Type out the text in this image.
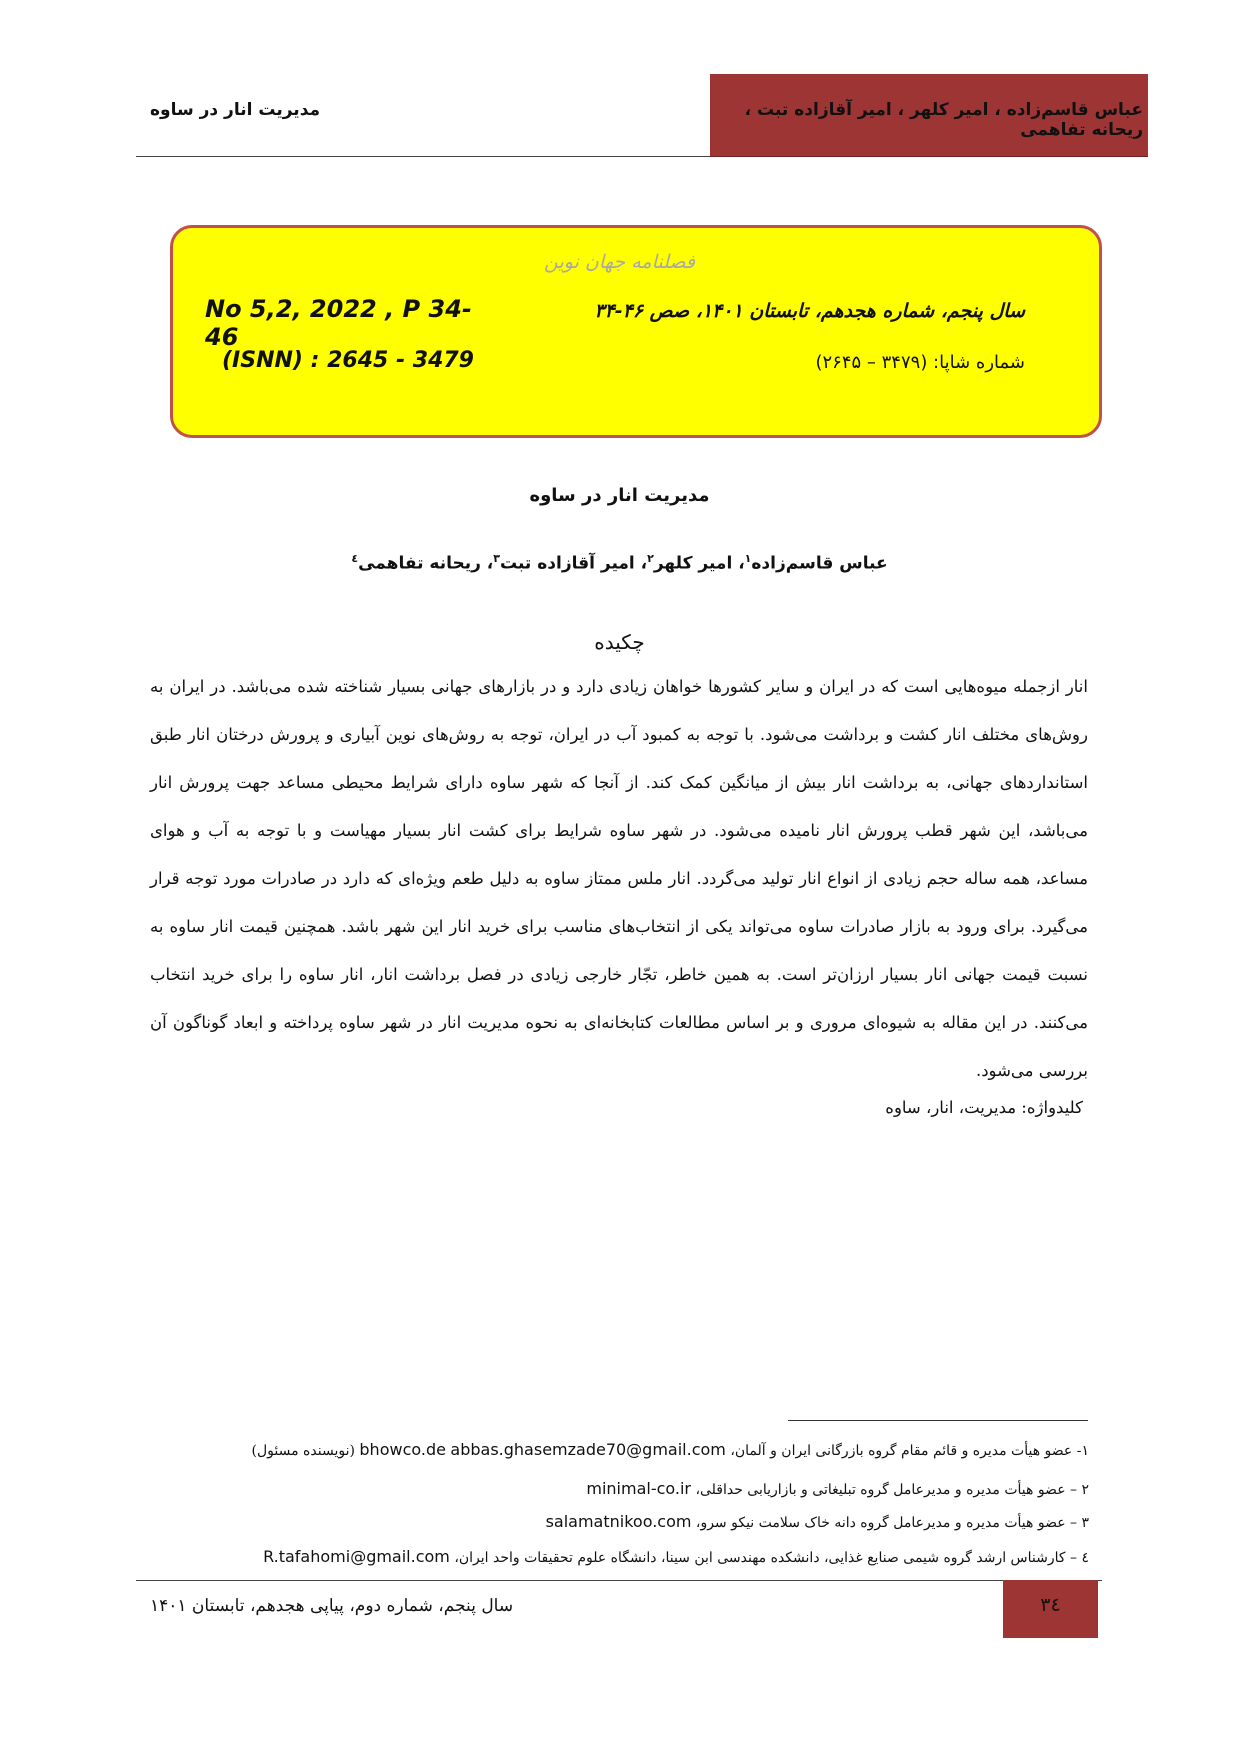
عباس قاسم‌زاده ، امیر کلهر ، امیر آقازاده تبت ، ریحانه تفاهمی
مدیریت انار در ساوه
فصلنامه جهان نوین
سال پنجم، شماره هجدهم، تابستان ۱۴۰۱، صص ۴۶-۳۴
No 5,2, 2022 , P 34-46
شماره شاپا: (۳۴۷۹ – ۲۶۴۵)
(ISNN) : 2645 - 3479
مدیریت انار در ساوه
عباس قاسم‌زاده$^۱$، امیر کلهر$^۲$، امیر آقازاده تبت$^۳$، ریحانه تفاهمی$^٤$
چکیده
انار ازجمله میوه‌هایی است که در ایران و سایر کشورها خواهان زیادی دارد و در بازارهای جهانی بسیار شناخته شده می‌باشد. در ایران به روش‌های مختلف انار کشت و برداشت می‌شود. با توجه به کمبود آب در ایران، توجه به روش‌های نوین آبیاری و پرورش درختان انار طبق استانداردهای جهانی، به برداشت انار بیش از میانگین کمک کند. از آنجا که شهر ساوه دارای شرایط محیطی مساعد جهت پرورش انار می‌باشد، این شهر قطب پرورش انار نامیده می‌شود. در شهر ساوه شرایط برای کشت انار بسیار مهیاست و با توجه به آب و هوای مساعد، همه ساله حجم زیادی از انواع انار تولید می‌گردد. انار ملس ممتاز ساوه به دلیل طعم ویژه‌ای که دارد در صادرات مورد توجه قرار می‌گیرد. برای ورود به بازار صادرات ساوه می‌تواند یکی از انتخاب‌های مناسب برای خرید انار این شهر باشد. همچنین قیمت انار ساوه به نسبت قیمت جهانی انار بسیار ارزان‌تر است. به همین خاطر، تجّار خارجی زیادی در فصل برداشت انار، انار ساوه را برای خرید انتخاب می‌کنند. در این مقاله به شیوه‌ای مروری و بر اساس مطالعات کتابخانه‌ای به نحوه مدیریت انار در شهر ساوه پرداخته و ابعاد گوناگون آن بررسی می‌شود.
کلیدواژه: مدیریت، انار، ساوه
۱- عضو هیأت مدیره و قائم مقام گروه بازرگانی ایران و آلمان، bhowco.de abbas.ghasemzade70@gmail.com (نویسنده مسئول)
۲ – عضو هیأت مدیره و مدیرعامل گروه تبلیغاتی و بازاریابی حداقلی، minimal-co.ir
۳ – عضو هیأت مدیره و مدیرعامل گروه دانه خاک سلامت نیکو سرو، salamatnikoo.com
٤ – کارشناس ارشد گروه شیمی صنایع غذایی، دانشکده مهندسی ابن سینا، دانشگاه علوم تحقیقات واحد ایران، R.tafahomi@gmail.com
۳٤
سال پنجم، شماره دوم، پیاپی هجدهم، تابستان ۱۴۰۱
